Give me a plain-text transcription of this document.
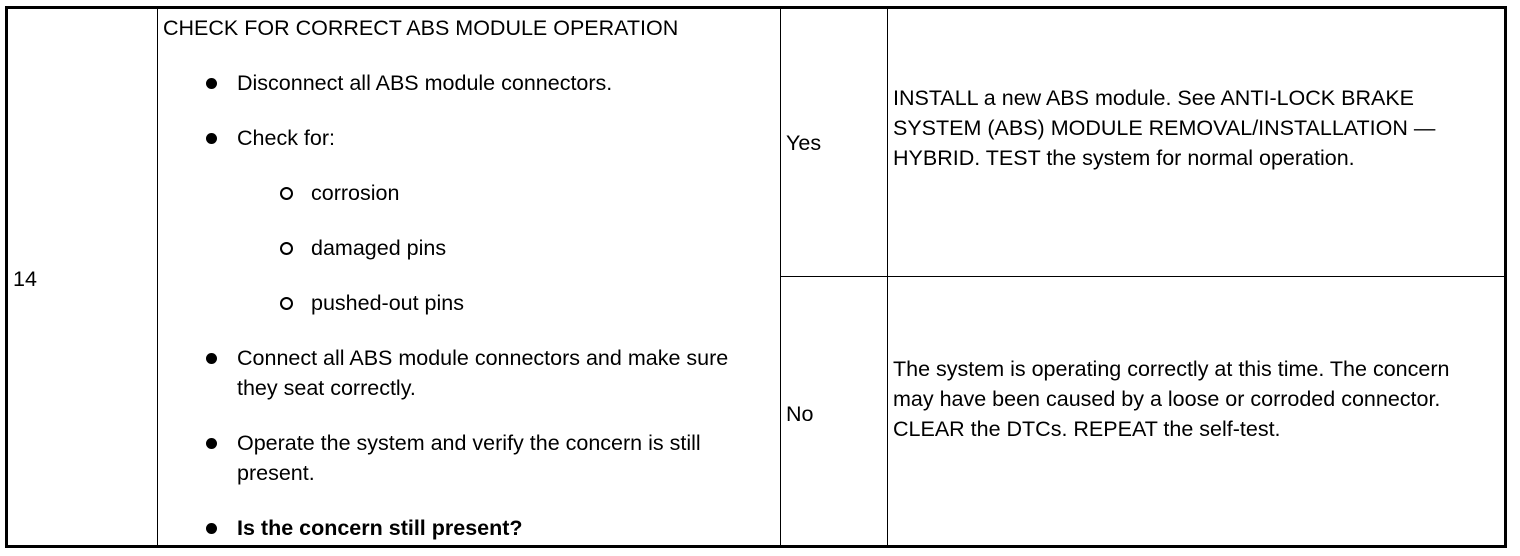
14
CHECK FOR CORRECT ABS MODULE OPERATION
Disconnect all ABS module connectors.
Check for:
corrosion
damaged pins
pushed-out pins
Connect all ABS module connectors and make sure they seat correctly.
Operate the system and verify the concern is still present.
Is the concern still present?
Yes
INSTALL a new ABS module. See ANTI-LOCK BRAKE SYSTEM (ABS) MODULE REMOVAL/INSTALLATION — HYBRID. TEST the system for normal operation.
No
The system is operating correctly at this time. The concern may have been caused by a loose or corroded connector. CLEAR the DTCs. REPEAT the self-test.
